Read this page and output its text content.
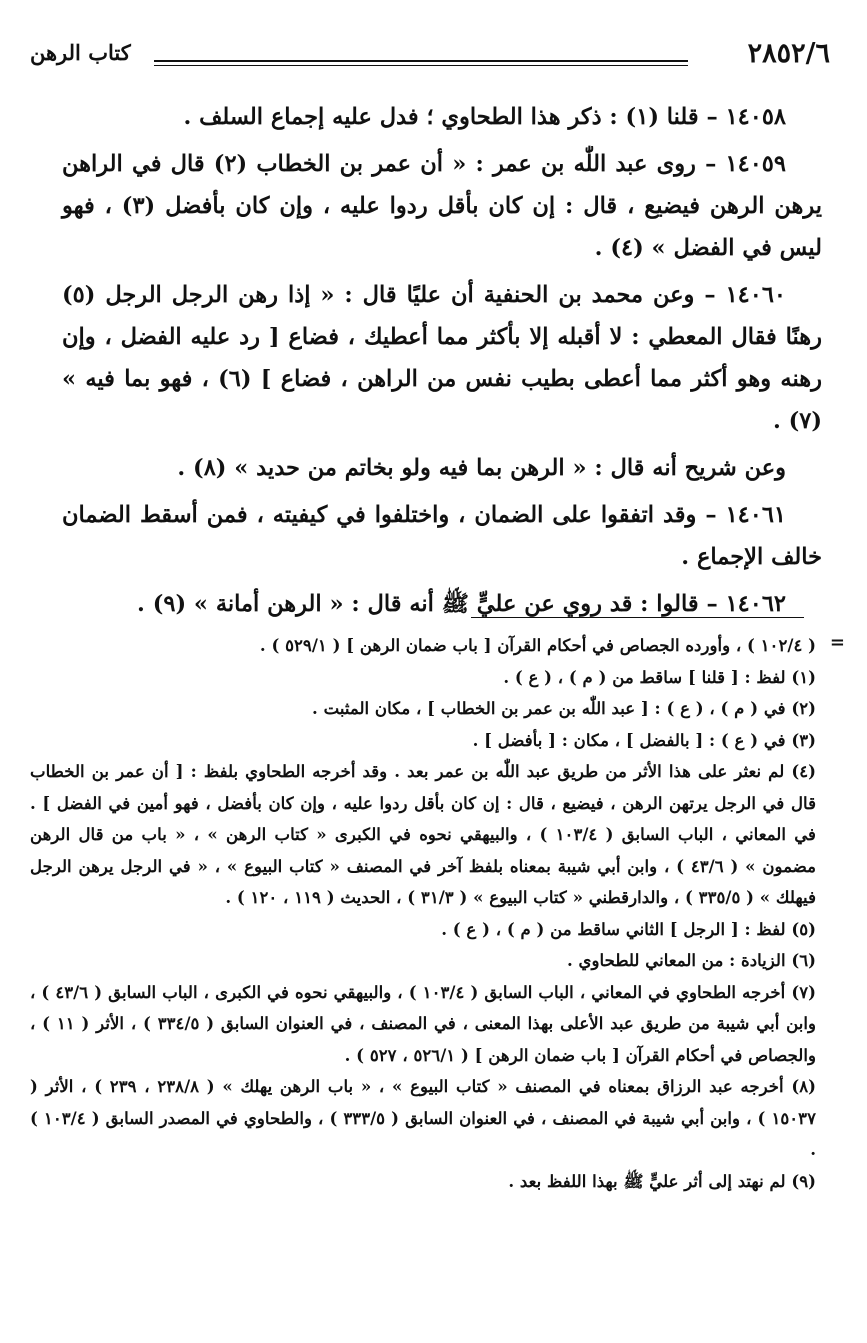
٢٨٥٢/٦
كتاب الرهن

١٤٠٥٨ – قلنا (١) : ذكر هذا الطحاوي ؛ فدل عليه إجماع السلف .

١٤٠٥٩ – روى عبد اللّٰه بن عمر : « أن عمر بن الخطاب (٢) قال في الراهن يرهن الرهن فيضيع ، قال : إن كان بأقل ردوا عليه ، وإن كان بأفضل (٣) ، فهو ليس في الفضل » (٤) .

١٤٠٦٠ – وعن محمد بن الحنفية أن عليًا قال : « إذا رهن الرجل الرجل (٥) رهنًا فقال المعطي : لا أقبله إلا بأكثر مما أعطيك ، فضاع [ رد عليه الفضل ، وإن رهنه وهو أكثر مما أعطى بطيب نفس من الراهن ، فضاع ] (٦) ، فهو بما فيه » (٧) .

وعن شريح أنه قال : « الرهن بما فيه ولو بخاتم من حديد » (٨) .

١٤٠٦١ – وقد اتفقوا على الضمان ، واختلفوا في كيفيته ، فمن أسقط الضمان خالف الإجماع .

١٤٠٦٢ – قالوا : قد روي عن عليٍّ ﷺ أنه قال : « الرهن أمانة » (٩) .

=

( ١٠٢/٤ ) ، وأورده الجصاص في أحكام القرآن [ باب ضمان الرهن ] ( ٥٢٩/١ ) .

(١) لفظ : [ قلنا ] ساقط من ( م ) ، ( ع ) .

(٢) في ( م ) ، ( ع ) : [ عبد اللّٰه بن عمر بن الخطاب ] ، مكان المثبت .

(٣) في ( ع ) : [ بالفضل ] ، مكان : [ بأفضل ] .

(٤) لم نعثر على هذا الأثر من طريق عبد اللّٰه بن عمر بعد . وقد أخرجه الطحاوي بلفظ : [ أن عمر بن الخطاب قال في الرجل يرتهن الرهن ، فيضيع ، قال : إن كان بأقل ردوا عليه ، وإن كان بأفضل ، فهو أمين في الفضل ] . في المعاني ، الباب السابق ( ١٠٣/٤ ) ، والبيهقي نحوه في الكبرى « كتاب الرهن » ، « باب من قال الرهن مضمون » ( ٤٣/٦ ) ، وابن أبي شيبة بمعناه بلفظ آخر في المصنف « كتاب البيوع » ، « في الرجل يرهن الرجل فيهلك » ( ٣٣٥/٥ ) ، والدارقطني « كتاب البيوع » ( ٣١/٣ ) ، الحديث ( ١١٩ ، ١٢٠ ) .

(٥) لفظ : [ الرجل ] الثاني ساقط من ( م ) ، ( ع ) .

(٦) الزيادة : من المعاني للطحاوي .

(٧) أخرجه الطحاوي في المعاني ، الباب السابق ( ١٠٣/٤ ) ، والبيهقي نحوه في الكبرى ، الباب السابق ( ٤٣/٦ ) ، وابن أبي شيبة من طريق عبد الأعلى بهذا المعنى ، في المصنف ، في العنوان السابق ( ٣٣٤/٥ ) ، الأثر ( ١١ ) ، والجصاص في أحكام القرآن [ باب ضمان الرهن ] ( ٥٢٦/١ ، ٥٢٧ ) .

(٨) أخرجه عبد الرزاق بمعناه في المصنف « كتاب البيوع » ، « باب الرهن يهلك » ( ٢٣٨/٨ ، ٢٣٩ ) ، الأثر ( ١٥٠٣٧ ) ، وابن أبي شيبة في المصنف ، في العنوان السابق ( ٣٣٣/٥ ) ، والطحاوي في المصدر السابق ( ١٠٣/٤ ) .

(٩) لم نهتد إلى أثر عليٍّ ﷺ بهذا اللفظ بعد .
